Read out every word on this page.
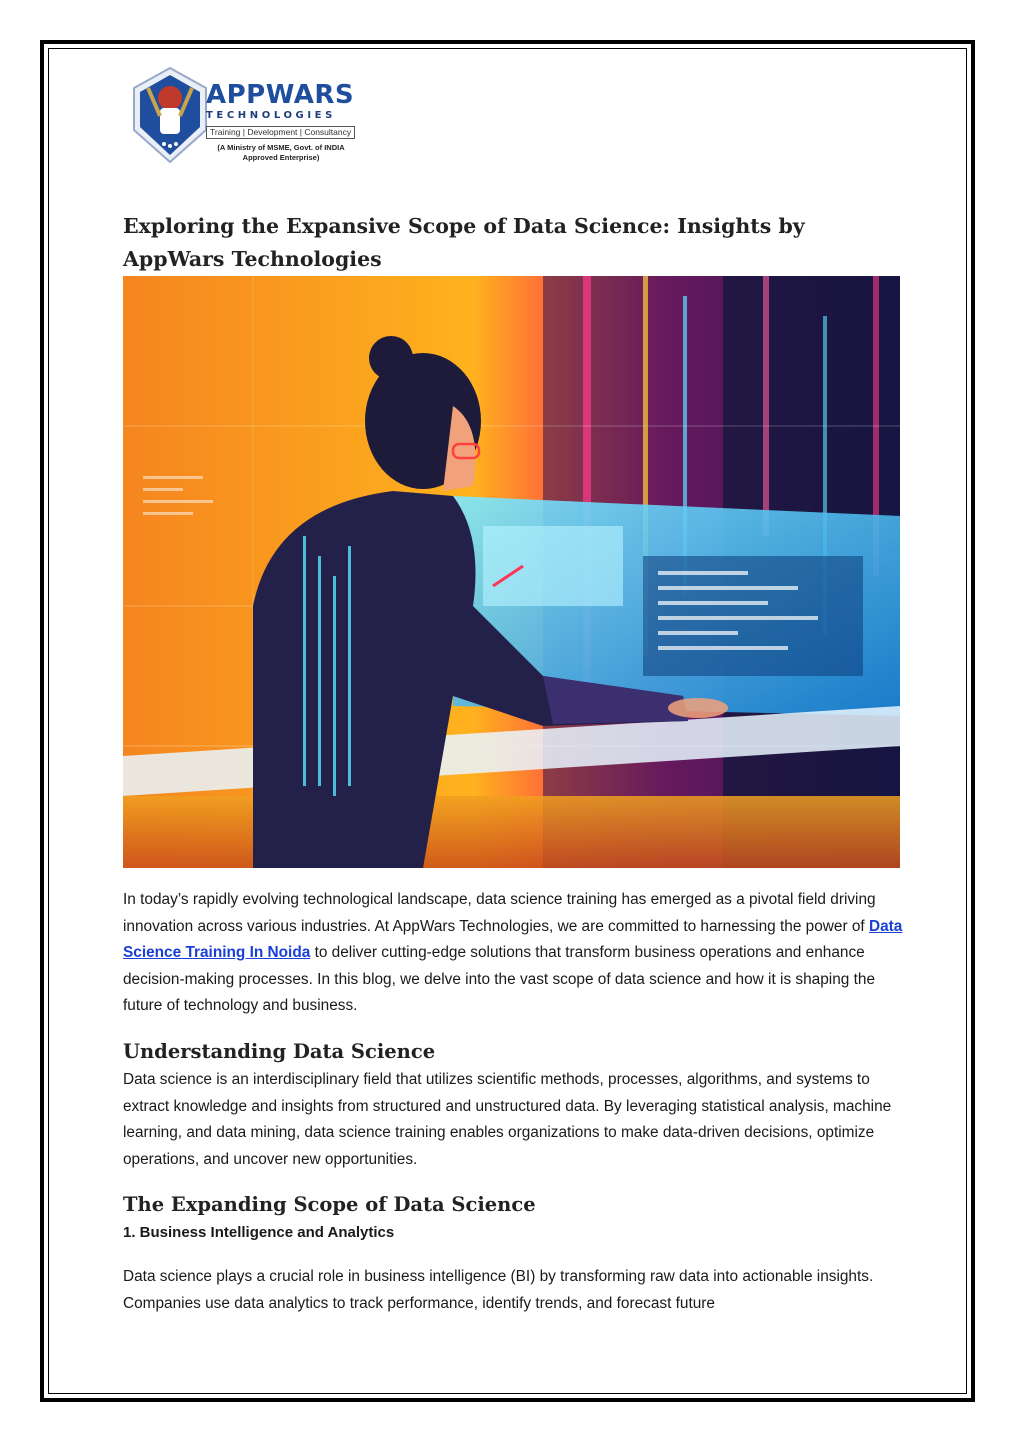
APPWARS
TECHNOLOGIES
Training | Development | Consultancy
(A Ministry of MSME, Govt. of INDIA
Approved Enterprise)
Exploring the Expansive Scope of Data Science: Insights by AppWars Technologies

In today’s rapidly evolving technological landscape, data science training has emerged as a pivotal field driving innovation across various industries. At AppWars Technologies, we are committed to harnessing the power of Data Science Training In Noida to deliver cutting-edge solutions that transform business operations and enhance decision-making processes. In this blog, we delve into the vast scope of data science and how it is shaping the future of technology and business.

Understanding Data Science

Data science is an interdisciplinary field that utilizes scientific methods, processes, algorithms, and systems to extract knowledge and insights from structured and unstructured data. By leveraging statistical analysis, machine learning, and data mining, data science training enables organizations to make data-driven decisions, optimize operations, and uncover new opportunities.

The Expanding Scope of Data Science
1. Business Intelligence and Analytics

Data science plays a crucial role in business intelligence (BI) by transforming raw data into actionable insights. Companies use data analytics to track performance, identify trends, and forecast future
